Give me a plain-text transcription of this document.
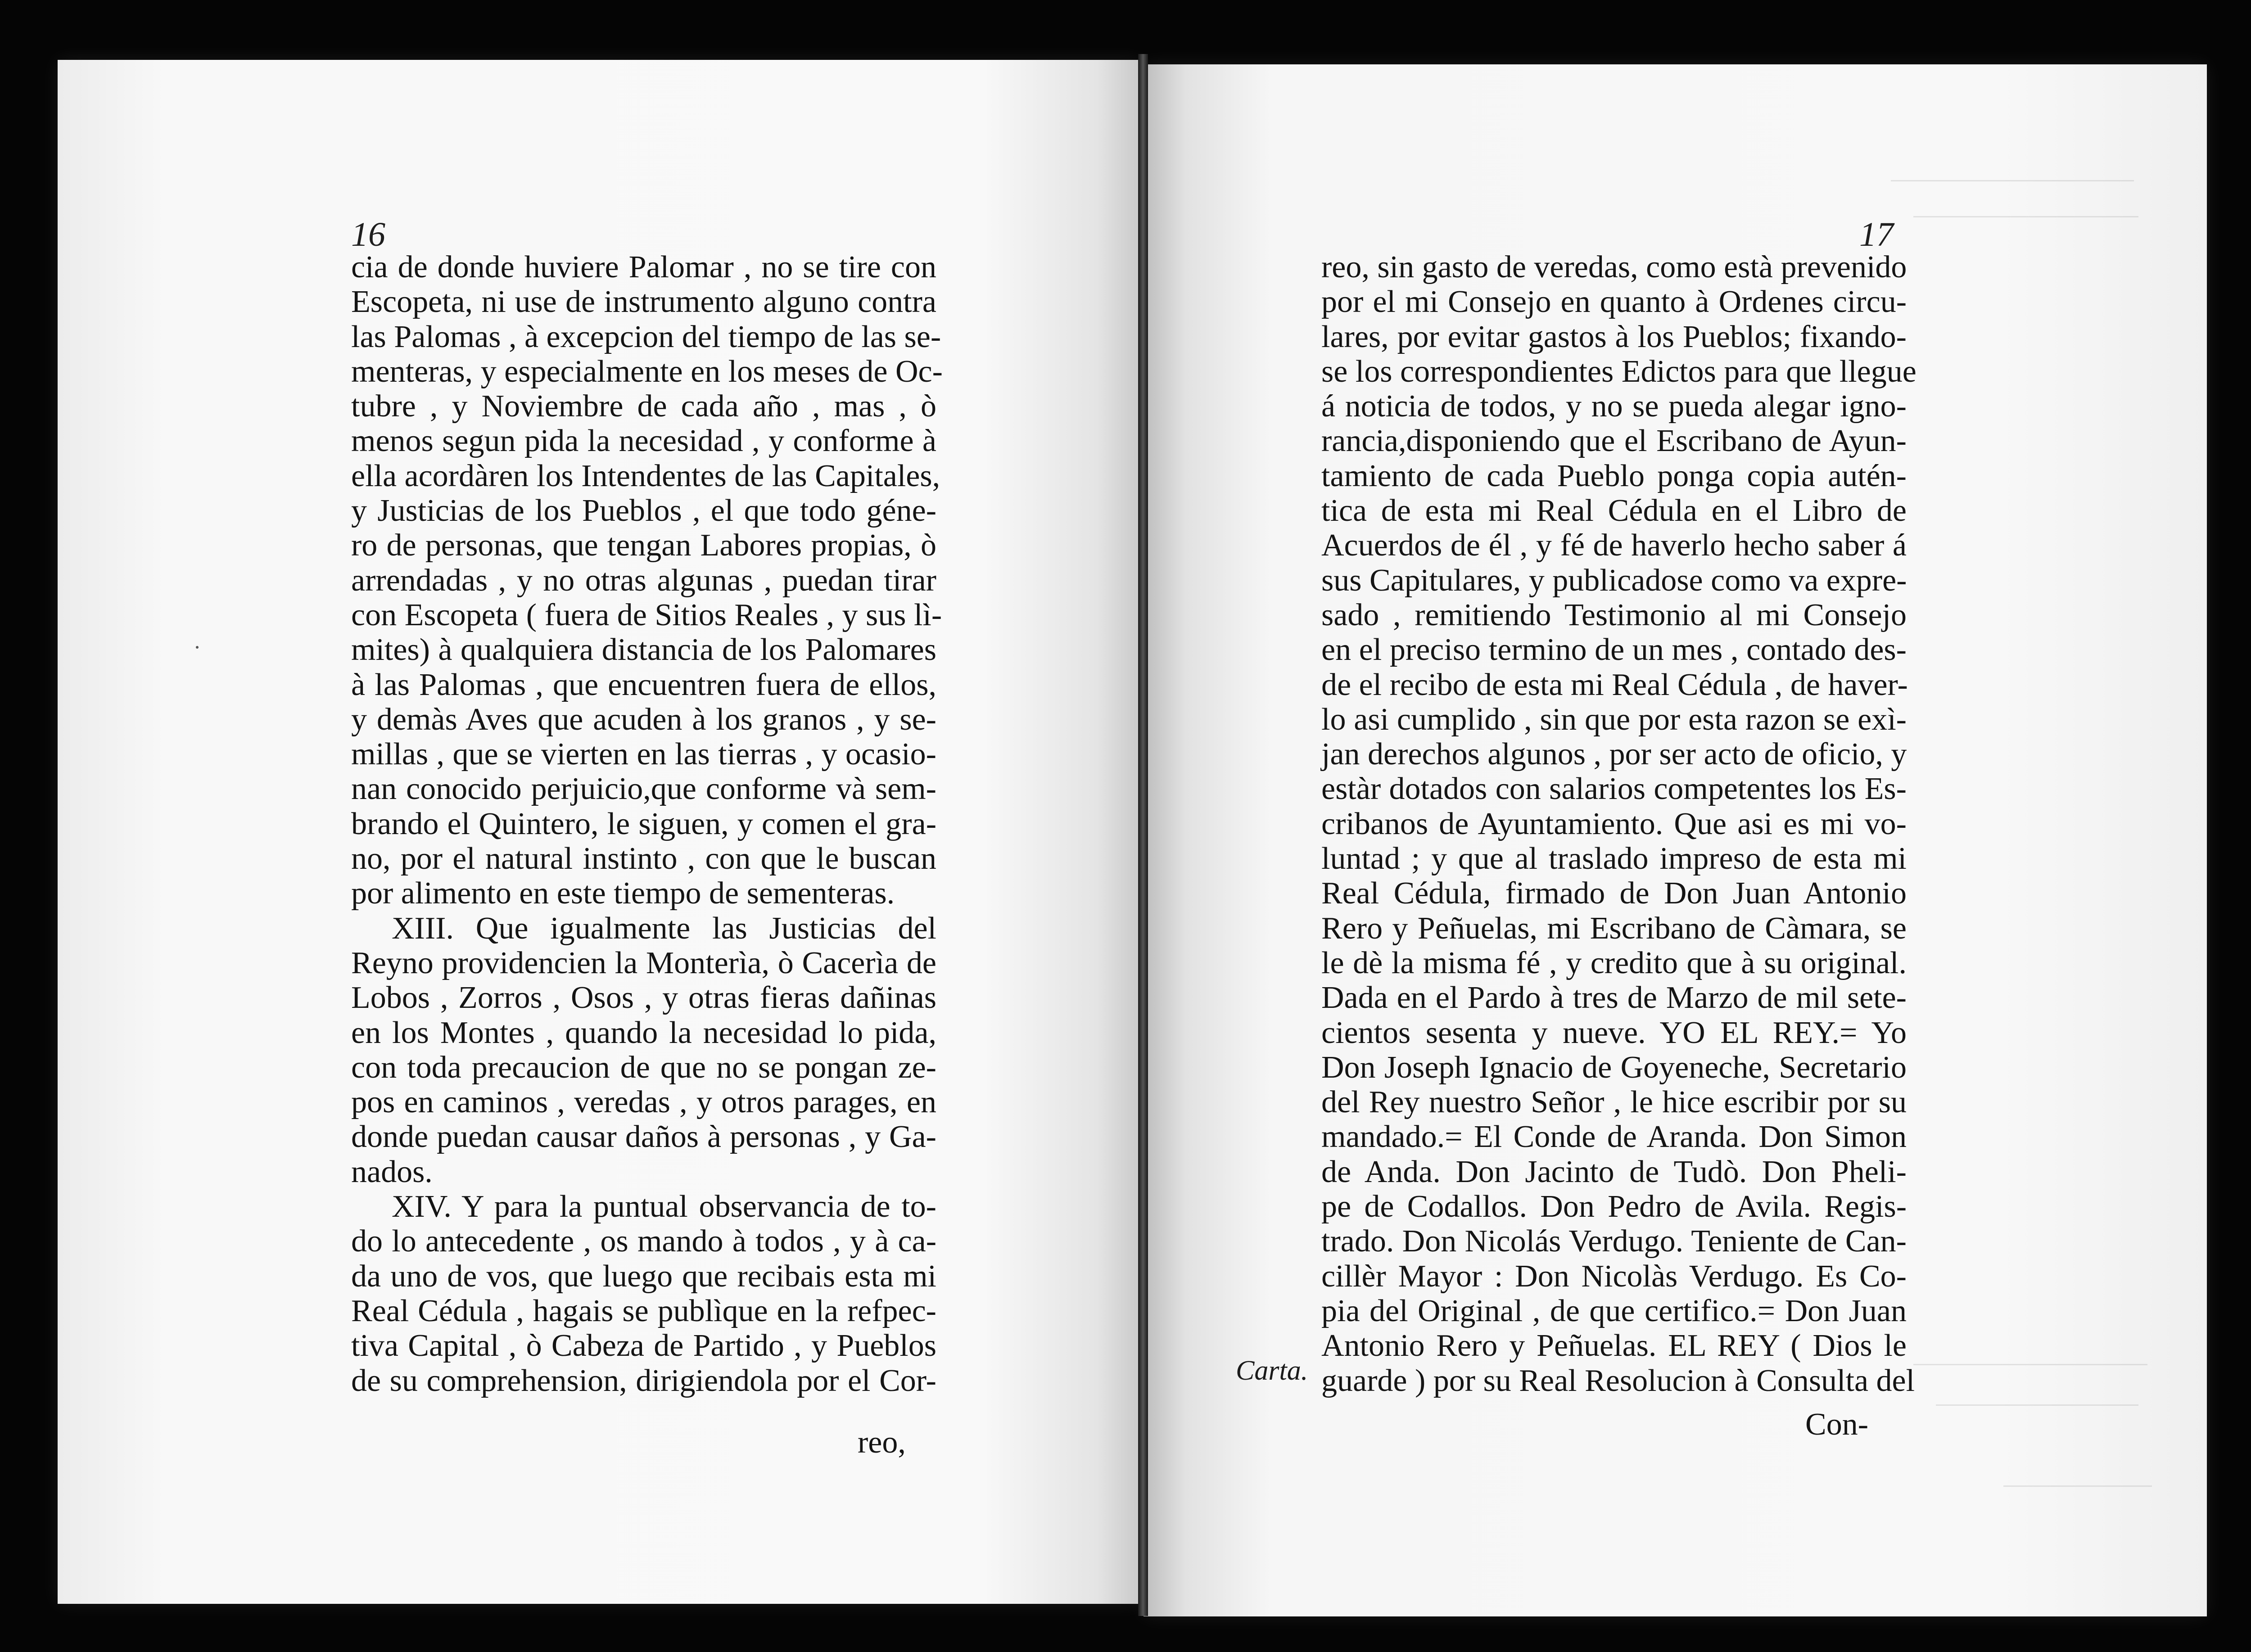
16
cia de donde huviere Palomar , no se tire con
Escopeta, ni use de instrumento alguno contra
las Palomas , à excepcion del tiempo de las se-
menteras, y especialmente en los meses de Oc-
tubre , y Noviembre de cada año , mas , ò
menos segun pida la necesidad , y conforme à
ella acordàren los Intendentes de las Capitales,
y Justicias de los Pueblos , el que todo géne-
ro de personas, que tengan Labores propias, ò
arrendadas , y no otras algunas , puedan tirar
con Escopeta ( fuera de Sitios Reales , y sus lì-
mites) à qualquiera distancia de los Palomares
à las Palomas , que encuentren fuera de ellos,
y demàs Aves que acuden à los granos , y se-
millas , que se vierten en las tierras , y ocasio-
nan conocido perjuicio,que conforme và sem-
brando el Quintero, le siguen, y comen el gra-
no, por el natural instinto , con que le buscan
por alimento en este tiempo de sementeras.
XIII. Que igualmente las Justicias del
Reyno providencien la Monterìa, ò Cacerìa de
Lobos , Zorros , Osos , y otras fieras dañinas
en los Montes , quando la necesidad lo pida,
con toda precaucion de que no se pongan ze-
pos en caminos , veredas , y otros parages, en
donde puedan causar daños à personas , y Ga-
nados.
XIV. Y para la puntual observancia de to-
do lo antecedente , os mando à todos , y à ca-
da uno de vos, que luego que recibais esta mi
Real Cédula , hagais se publìque en la refpec-
tiva Capital , ò Cabeza de Partido , y Pueblos
de su comprehension, dirigiendola por el Cor-
reo,
17
reo, sin gasto de veredas, como està prevenido
por el mi Consejo en quanto à Ordenes circu-
lares, por evitar gastos à los Pueblos; fixando-
se los correspondientes Edictos para que llegue
á noticia de todos, y no se pueda alegar igno-
rancia,disponiendo que el Escribano de Ayun-
tamiento de cada Pueblo ponga copia autén-
tica de esta mi Real Cédula en el Libro de
Acuerdos de él , y fé de haverlo hecho saber á
sus Capitulares, y publicadose como va expre-
sado , remitiendo Testimonio al mi Consejo
en el preciso termino de un mes , contado des-
de el recibo de esta mi Real Cédula , de haver-
lo asi cumplido , sin que por esta razon se exì-
jan derechos algunos , por ser acto de oficio, y
estàr dotados con salarios competentes los Es-
cribanos de Ayuntamiento. Que asi es mi vo-
luntad ; y que al traslado impreso de esta mi
Real Cédula, firmado de Don Juan Antonio
Rero y Peñuelas, mi Escribano de Càmara, se
le dè la misma fé , y credito que à su original.
Dada en el Pardo à tres de Marzo de mil sete-
cientos sesenta y nueve. YO EL REY.= Yo
Don Joseph Ignacio de Goyeneche, Secretario
del Rey nuestro Señor , le hice escribir por su
mandado.= El Conde de Aranda. Don Simon
de Anda. Don Jacinto de Tudò. Don Pheli-
pe de Codallos. Don Pedro de Avila. Regis-
trado. Don Nicolás Verdugo. Teniente de Can-
cillèr Mayor : Don Nicolàs Verdugo. Es Co-
pia del Original , de que certifico.= Don Juan
Antonio Rero y Peñuelas. EL REY ( Dios le
guarde ) por su Real Resolucion à Consulta del
Carta.
Con-
